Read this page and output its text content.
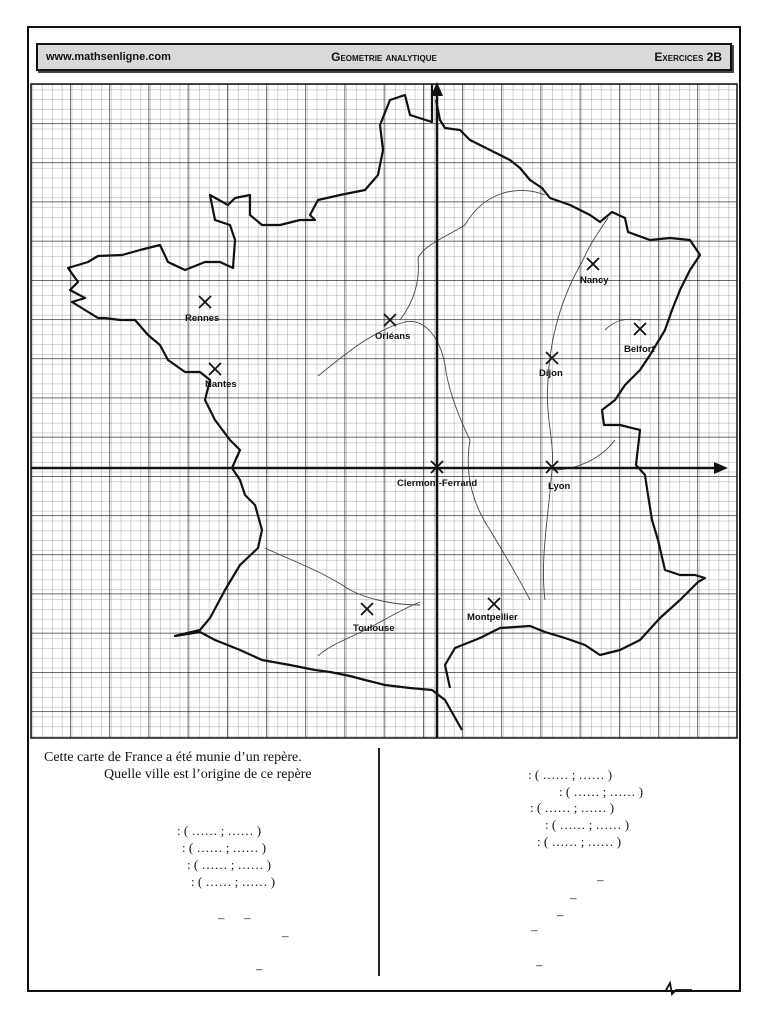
www.mathsenligne.com	Geometrie analytique	Exercices 2B
Rennes
Nantes
Orléans
Nancy
Belfort
Dijon
Clermont-Ferrand	Lyon
Toulouse
Montpellier
Cette carte de France a été munie d’un repère.
Quelle ville est l’origine de ce repère
: ( …… ; …… )
: ( …… ; …… )
: ( …… ; …… )
: ( …… ; …… )
– –
–
–
: ( …… ; …… )
: ( …… ; …… )
: ( …… ; …… )
: ( …… ; …… )
: ( …… ; …… )
–
–
–
–
–
